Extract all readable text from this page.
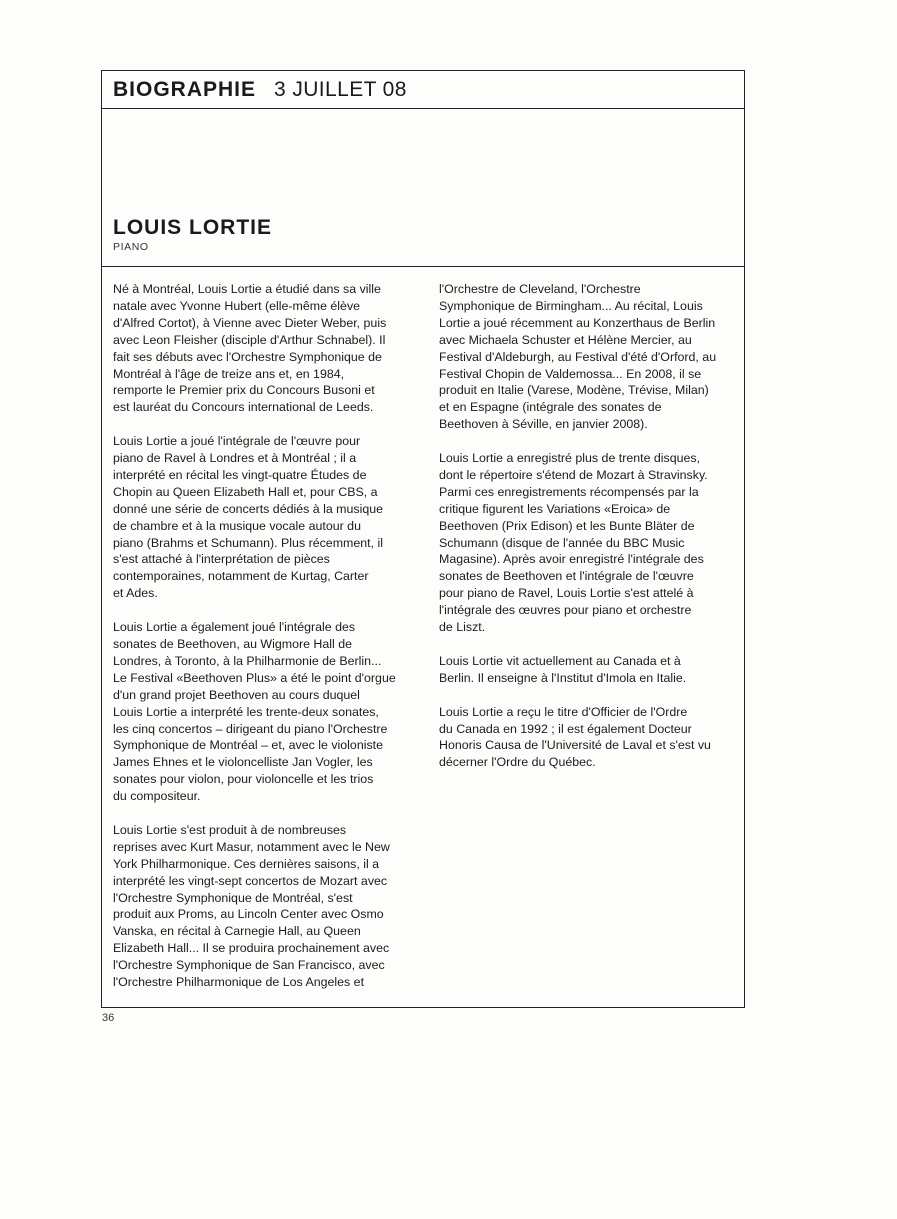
BIOGRAPHIE 3 JUILLET 08
LOUIS LORTIE
PIANO

Né à Montréal, Louis Lortie a étudié dans sa ville
natale avec Yvonne Hubert (elle-même élève
d'Alfred Cortot), à Vienne avec Dieter Weber, puis
avec Leon Fleisher (disciple d'Arthur Schnabel). Il
fait ses débuts avec l'Orchestre Symphonique de
Montréal à l'âge de treize ans et, en 1984,
remporte le Premier prix du Concours Busoni et
est lauréat du Concours international de Leeds.

Louis Lortie a joué l'intégrale de l'œuvre pour
piano de Ravel à Londres et à Montréal ; il a
interprété en récital les vingt-quatre Études de
Chopin au Queen Elizabeth Hall et, pour CBS, a
donné une série de concerts dédiés à la musique
de chambre et à la musique vocale autour du
piano (Brahms et Schumann). Plus récemment, il
s'est attaché à l'interprétation de pièces
contemporaines, notamment de Kurtag, Carter
et Ades.

Louis Lortie a également joué l'intégrale des
sonates de Beethoven, au Wigmore Hall de
Londres, à Toronto, à la Philharmonie de Berlin...
Le Festival «Beethoven Plus» a été le point d'orgue
d'un grand projet Beethoven au cours duquel
Louis Lortie a interprété les trente-deux sonates,
les cinq concertos – dirigeant du piano l'Orchestre
Symphonique de Montréal – et, avec le violoniste
James Ehnes et le violoncelliste Jan Vogler, les
sonates pour violon, pour violoncelle et les trios
du compositeur.

Louis Lortie s'est produit à de nombreuses
reprises avec Kurt Masur, notamment avec le New
York Philharmonique. Ces dernières saisons, il a
interprété les vingt-sept concertos de Mozart avec
l'Orchestre Symphonique de Montréal, s'est
produit aux Proms, au Lincoln Center avec Osmo
Vanska, en récital à Carnegie Hall, au Queen
Elizabeth Hall... Il se produira prochainement avec
l'Orchestre Symphonique de San Francisco, avec
l'Orchestre Philharmonique de Los Angeles et

l'Orchestre de Cleveland, l'Orchestre
Symphonique de Birmingham... Au récital, Louis
Lortie a joué récemment au Konzerthaus de Berlin
avec Michaela Schuster et Hélène Mercier, au
Festival d'Aldeburgh, au Festival d'été d'Orford, au
Festival Chopin de Valdemossa... En 2008, il se
produit en Italie (Varese, Modène, Trévise, Milan)
et en Espagne (intégrale des sonates de
Beethoven à Séville, en janvier 2008).

Louis Lortie a enregistré plus de trente disques,
dont le répertoire s'étend de Mozart à Stravinsky.
Parmi ces enregistrements récompensés par la
critique figurent les Variations «Eroica» de
Beethoven (Prix Edison) et les Bunte Bläter de
Schumann (disque de l'année du BBC Music
Magasine). Après avoir enregistré l'intégrale des
sonates de Beethoven et l'intégrale de l'œuvre
pour piano de Ravel, Louis Lortie s'est attelé à
l'intégrale des œuvres pour piano et orchestre
de Liszt.

Louis Lortie vit actuellement au Canada et à
Berlin. Il enseigne à l'Institut d'Imola en Italie.

Louis Lortie a reçu le titre d'Officier de l'Ordre
du Canada en 1992 ; il est également Docteur
Honoris Causa de l'Université de Laval et s'est vu
décerner l'Ordre du Québec.

36
